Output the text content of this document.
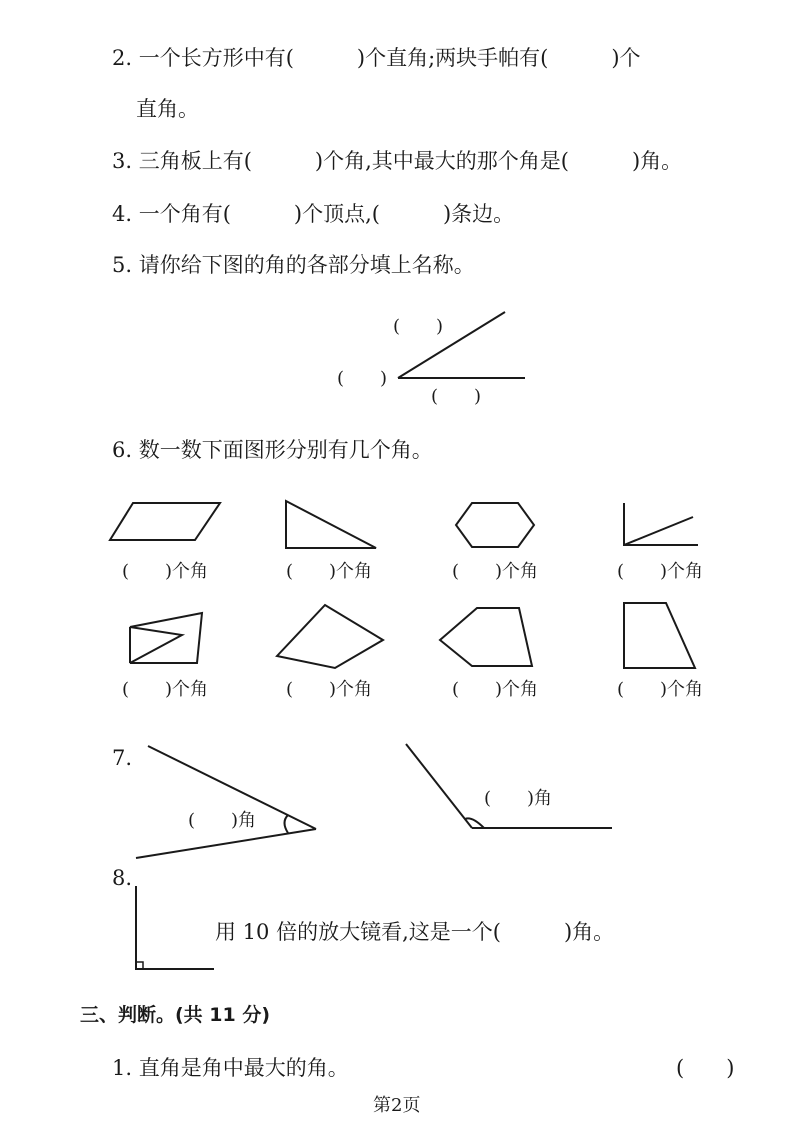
2. 一个长方形中有(　　　)个直角;两块手帕有(　　　)个
直角。
3. 三角板上有(　　　)个角,其中最大的那个角是(　　　)角。
4. 一个角有(　　　)个顶点,(　　　)条边。
5. 请你给下图的角的各部分填上名称。
(　　)
(　　)
(　　)
6. 数一数下面图形分别有几个角。
(　　)个角	(　　)个角	(　　)个角	(　　)个角
(　　)个角	(　　)个角	(　　)个角	(　　)个角
7.
(　　)角
(　　)角
8.
用 10 倍的放大镜看,这是一个(　　　)角。
三、判断。(共 11 分)
1. 直角是角中最大的角。	(　　)
第2页
